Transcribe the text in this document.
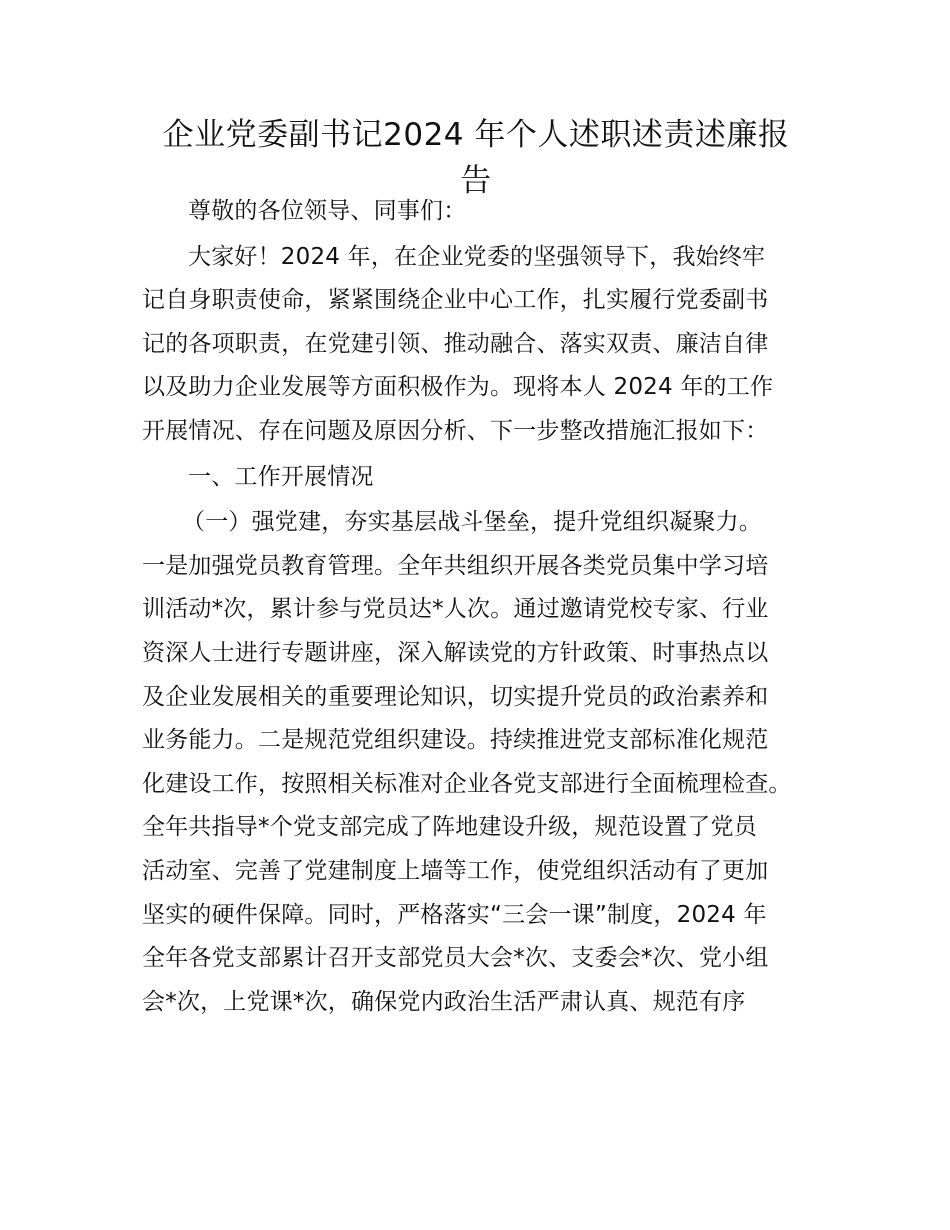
企业党委副书记2024 年个人述职述责述廉报
告

尊敬的各位领导、同事们：

大家好！2024 年，在企业党委的坚强领导下，我始终牢
记自身职责使命，紧紧围绕企业中心工作，扎实履行党委副书
记的各项职责，在党建引领、推动融合、落实双责、廉洁自律
以及助力企业发展等方面积极作为。现将本人 2024 年的工作
开展情况、存在问题及原因分析、下一步整改措施汇报如下：

一、工作开展情况

（一）强党建，夯实基层战斗堡垒，提升党组织凝聚力。
一是加强党员教育管理。全年共组织开展各类党员集中学习培
训活动*次，累计参与党员达*人次。通过邀请党校专家、行业
资深人士进行专题讲座，深入解读党的方针政策、时事热点以
及企业发展相关的重要理论知识，切实提升党员的政治素养和
业务能力。二是规范党组织建设。持续推进党支部标准化规范
化建设工作，按照相关标准对企业各党支部进行全面梳理检查。
全年共指导*个党支部完成了阵地建设升级，规范设置了党员
活动室、完善了党建制度上墙等工作，使党组织活动有了更加
坚实的硬件保障。同时，严格落实“三会一课”制度，2024 年
全年各党支部累计召开支部党员大会*次、支委会*次、党小组
会*次，上党课*次，确保党内政治生活严肃认真、规范有序
